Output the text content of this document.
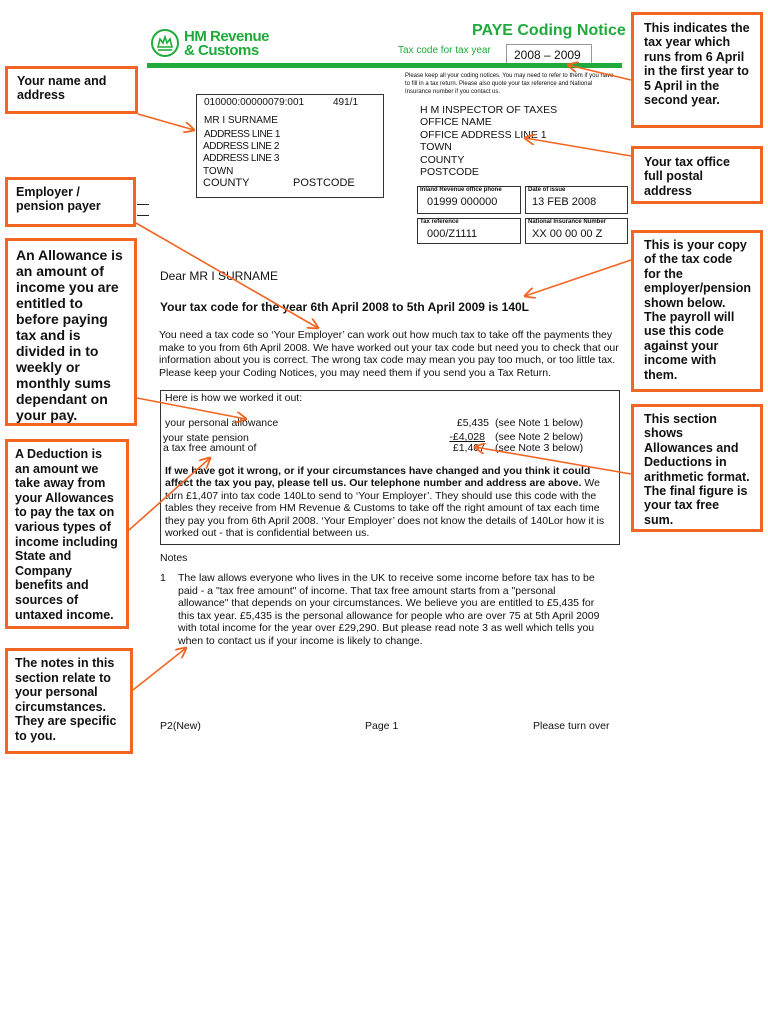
HM Revenue
& Customs
PAYE Coding Notice
Tax code for tax year 2008 – 2009
Please keep all your coding notices. You may need to refer to them if you have to fill in a tax return. Please also quote your tax reference and National Insurance number if you contact us.
010000:00000079:001	491/1
MR I SURNAME
ADDRESS LINE 1
ADDRESS LINE 2
ADDRESS LINE 3
TOWN
COUNTY	POSTCODE
H M INSPECTOR OF TAXES
OFFICE NAME
OFFICE ADDRESS LINE 1
TOWN
COUNTY
POSTCODE
Inland Revenue office phone
01999 000000
Date of issue
13 FEB 2008
Tax reference
000/Z1111
National Insurance Number
XX 00 00 00 Z
Dear MR I SURNAME
Your tax code for the year 6th April 2008 to 5th April 2009 is 140L
You need a tax code so ‘Your Employer’ can work out how much tax to take off the payments they make to you from 6th April 2008. We have worked out your tax code but need you to check that our information about you is correct. The wrong tax code may mean you pay too much, or too little tax. Please keep your Coding Notices, you may need them if you send you a Tax Return.
Here is how we worked it out:
your personal allowance	£5,435 (see Note 1 below)
your state pension	-£4,028 (see Note 2 below)
a tax free amount of	£1,407 (see Note 3 below)
If we have got it wrong, or if your circumstances have changed and you think it could affect the tax you pay, please tell us. Our telephone number and address are above. We turn £1,407 into tax code 140Lto send to ‘Your Employer’. They should use this code with the tables they receive from HM Revenue & Customs to take off the right amount of tax each time they pay you from 6th April 2008. ‘Your Employer’ does not know the details of 140Lor how it is worked out - that is confidential between us.
Notes
1 The law allows everyone who lives in the UK to receive some income before tax has to be paid - a "tax free amount" of income. That tax free amount starts from a "personal allowance" that depends on your circumstances. We believe you are entitled to £5,435 for this tax year. £5,435 is the personal allowance for people who are over 75 at 5th April 2009 with total income for the year over £29,290. But please read note 3 as well which tells you when to contact us if your income is likely to change.
P2(New)	Page 1	Please turn over
Your name and address
Employer / pension payer
An Allowance is an amount of income you are entitled to before paying tax and is divided in to weekly or monthly sums dependant on your pay.
A Deduction is an amount we take away from your Allowances to pay the tax on various types of income including State and Company benefits and sources of untaxed income.
The notes in this section relate to your personal circumstances. They are specific to you.
This indicates the tax year which runs from 6 April in the first year to 5 April in the second year.
Your tax office full postal address
This is your copy of the tax code for the employer/pension shown below. The payroll will use this code against your income with them.
This section shows Allowances and Deductions in arithmetic format. The final figure is your tax free sum.
